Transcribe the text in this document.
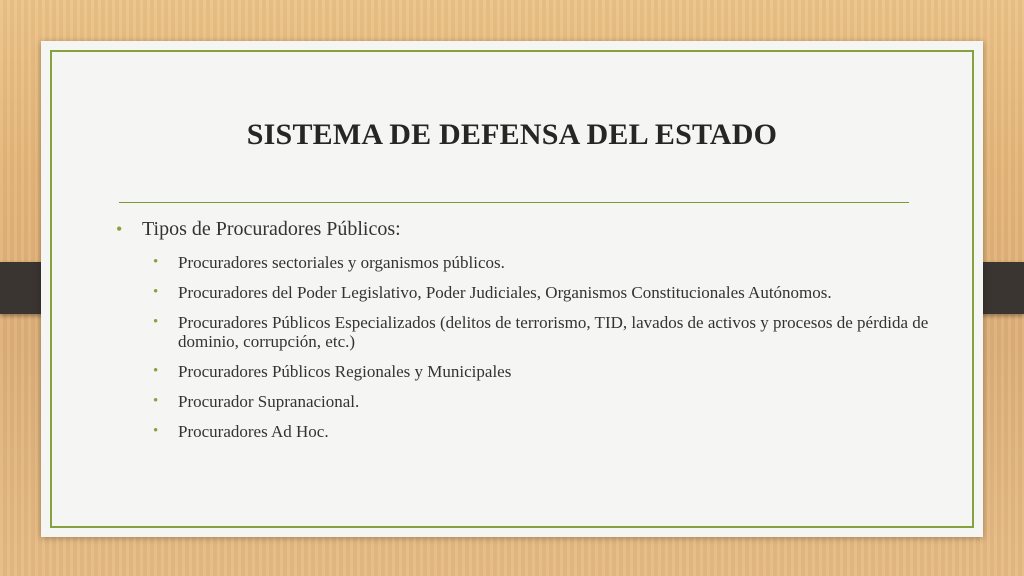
SISTEMA DE DEFENSA DEL ESTADO
• Tipos de Procuradores Públicos:
• Procuradores sectoriales y organismos públicos.
• Procuradores del Poder Legislativo, Poder Judiciales, Organismos Constitucionales Autónomos.
• Procuradores Públicos Especializados (delitos de terrorismo, TID, lavados de activos y procesos de pérdida de dominio, corrupción, etc.)
• Procuradores Públicos Regionales y Municipales
• Procurador Supranacional.
• Procuradores Ad Hoc.
